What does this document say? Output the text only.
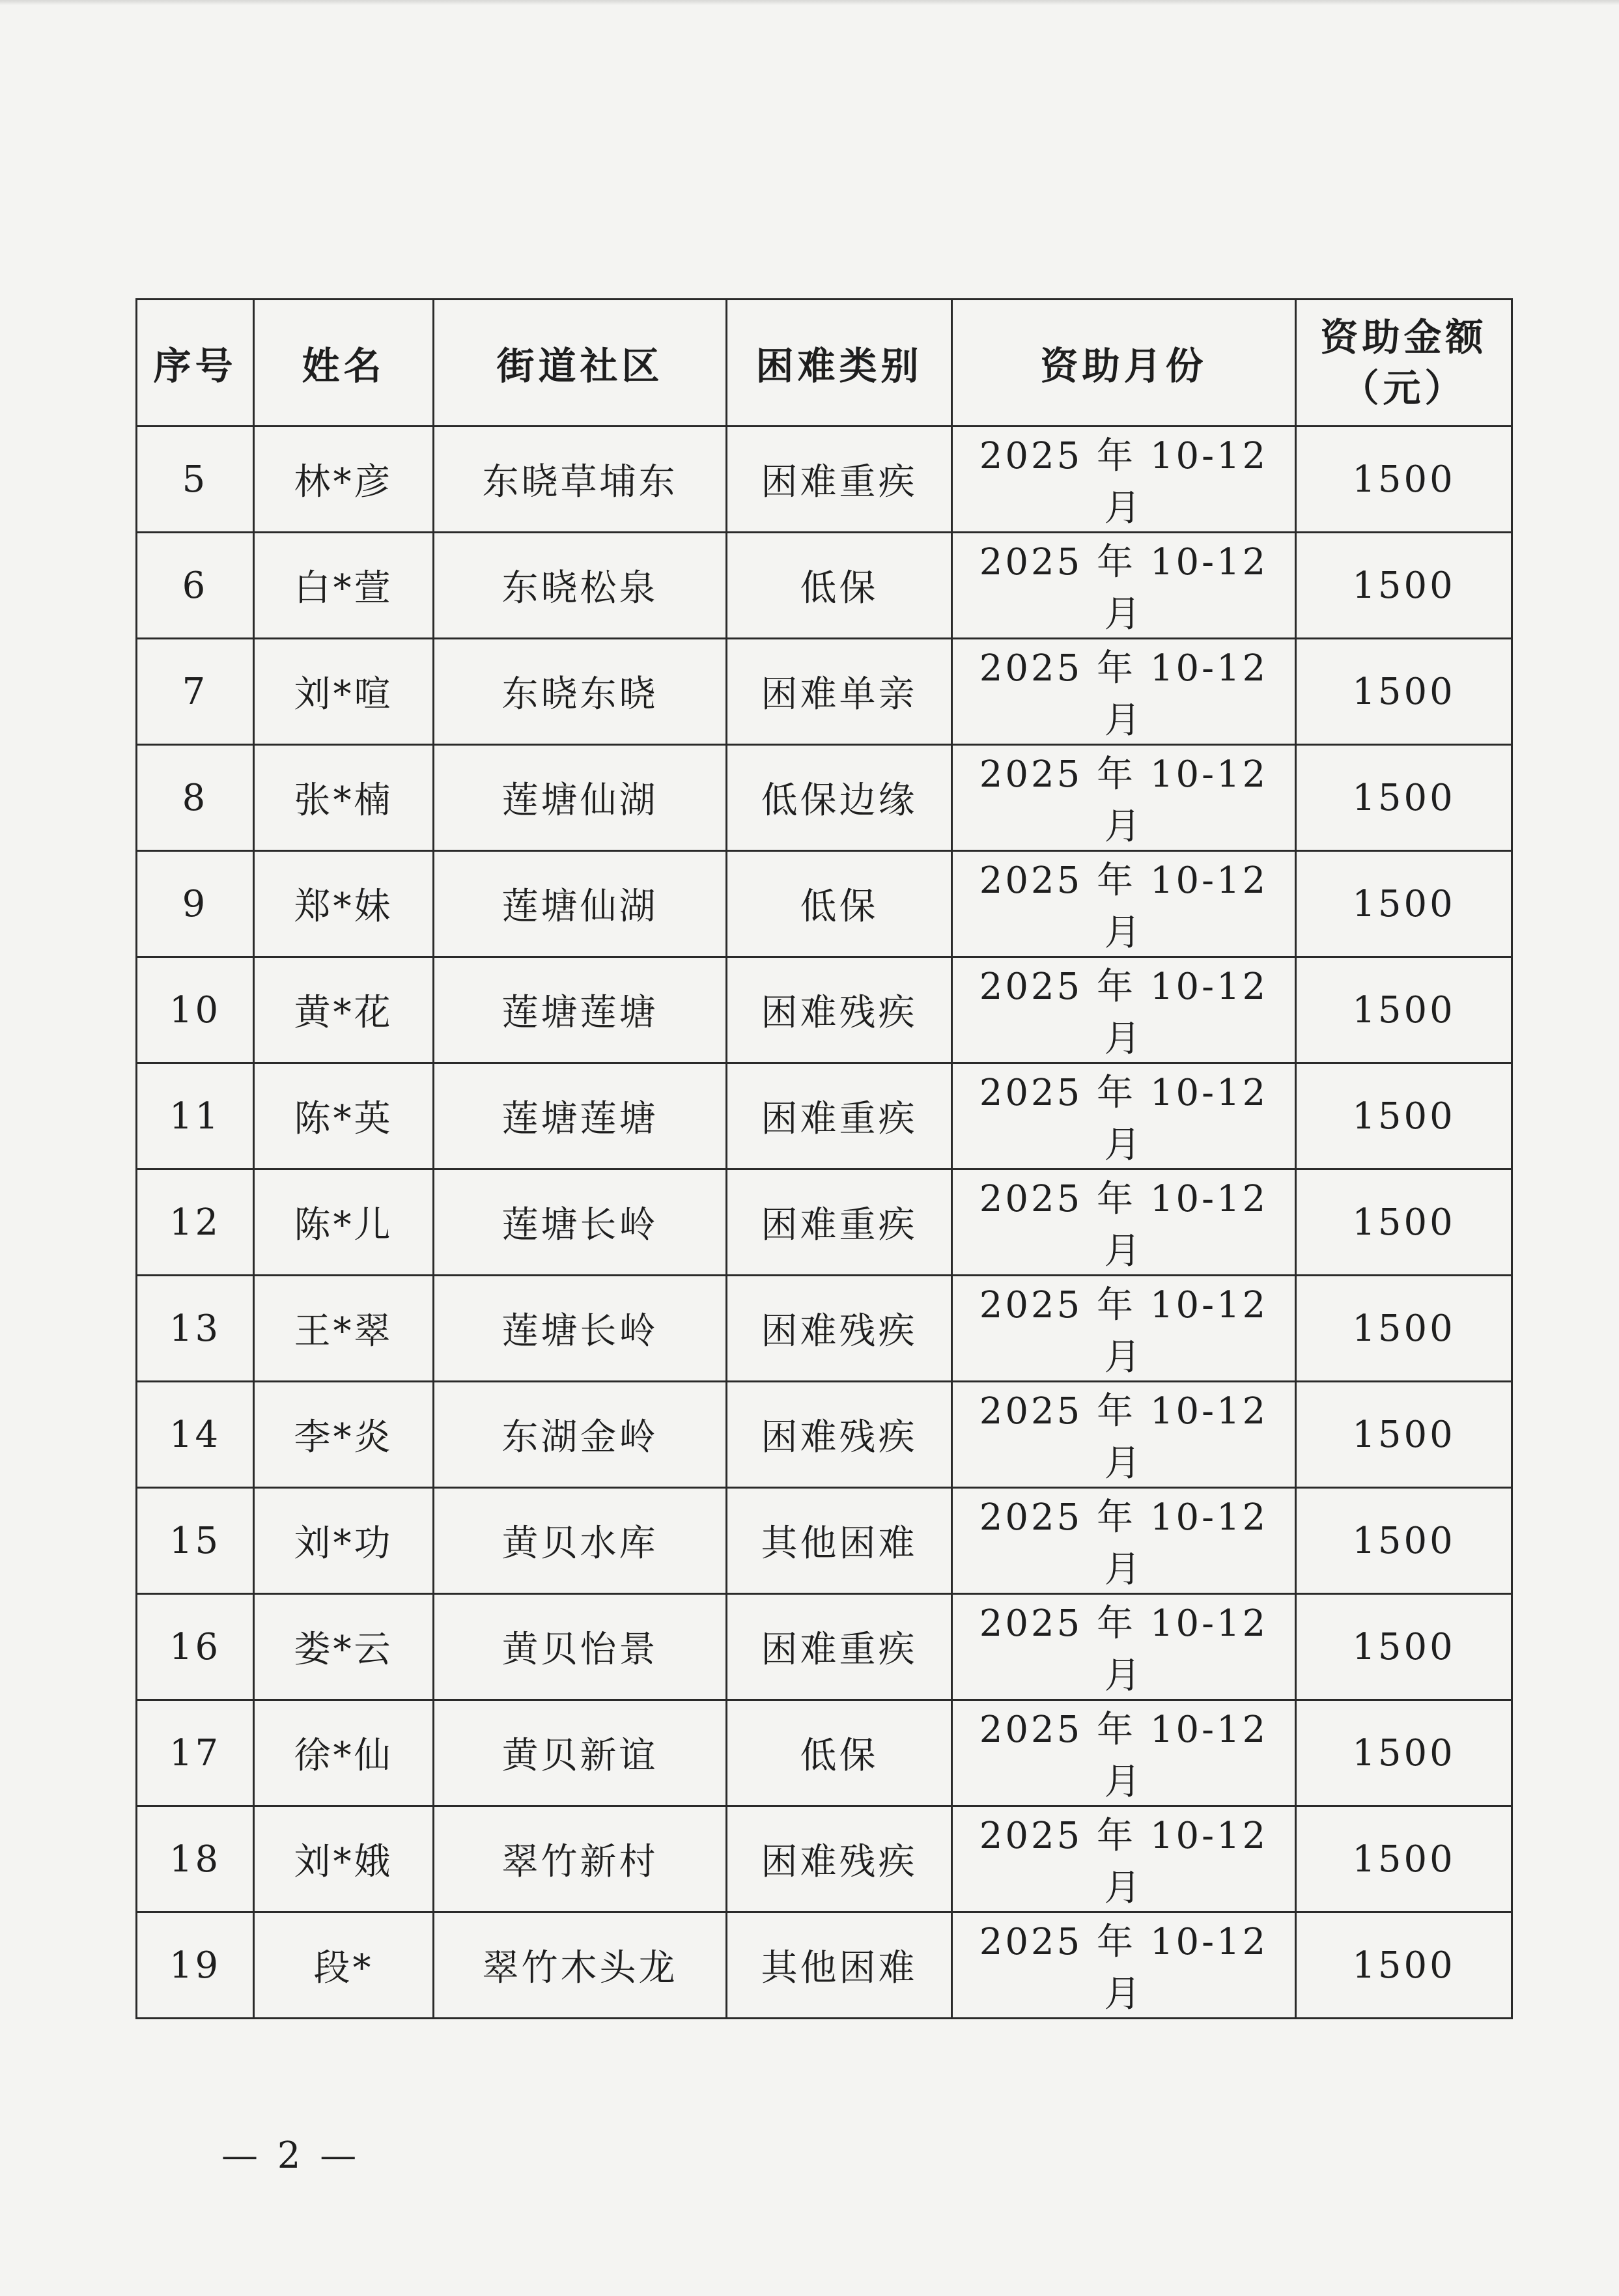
序号	姓名	街道社区	困难类别	资助月份	资助金额
（元）

5	林*彦	东晓草埔东	困难重疾	2025 年 10-12 月	1500
6	白*萱	东晓松泉	低保	2025 年 10-12 月	1500
7	刘*喧	东晓东晓	困难单亲	2025 年 10-12 月	1500
8	张*楠	莲塘仙湖	低保边缘	2025 年 10-12 月	1500
9	郑*妹	莲塘仙湖	低保	2025 年 10-12 月	1500
10	黄*花	莲塘莲塘	困难残疾	2025 年 10-12 月	1500
11	陈*英	莲塘莲塘	困难重疾	2025 年 10-12 月	1500
12	陈*儿	莲塘长岭	困难重疾	2025 年 10-12 月	1500
13	王*翠	莲塘长岭	困难残疾	2025 年 10-12 月	1500
14	李*炎	东湖金岭	困难残疾	2025 年 10-12 月	1500
15	刘*功	黄贝水库	其他困难	2025 年 10-12 月	1500
16	娄*云	黄贝怡景	困难重疾	2025 年 10-12 月	1500
17	徐*仙	黄贝新谊	低保	2025 年 10-12 月	1500
18	刘*娥	翠竹新村	困难残疾	2025 年 10-12 月	1500
19	段*	翠竹木头龙	其他困难	2025 年 10-12 月	1500
— 2 —
